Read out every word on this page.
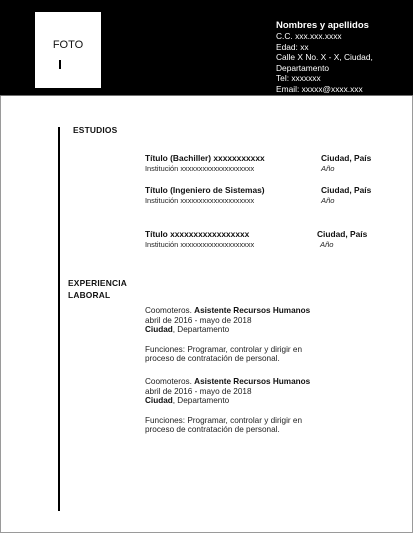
FOTO
Nombres y apellidos
C.C. xxx.xxx.xxxx
Edad: xx
Calle X No. X - X, Ciudad, Departamento
Tel: xxxxxxx
Email: xxxxx@xxxx.xxx
ESTUDIOS
Título (Bachiller) xxxxxxxxxxx
Institución xxxxxxxxxxxxxxxxxxxx
Ciudad, País
Año
Título (Ingeniero de Sistemas)
Institución xxxxxxxxxxxxxxxxxxxx
Ciudad, País
Año
Título xxxxxxxxxxxxxxxxx
Institución xxxxxxxxxxxxxxxxxxxx
Ciudad, País
Año
EXPERIENCIA
LABORAL
Coomoteros. Asistente Recursos Humanos
abril de 2016 - mayo de 2018
Ciudad, Departamento
Funciones: Programar, controlar y dirigir en
proceso de contratación de personal.
Coomoteros. Asistente Recursos Humanos
abril de 2016 - mayo de 2018
Ciudad, Departamento
Funciones: Programar, controlar y dirigir en
proceso de contratación de personal.
